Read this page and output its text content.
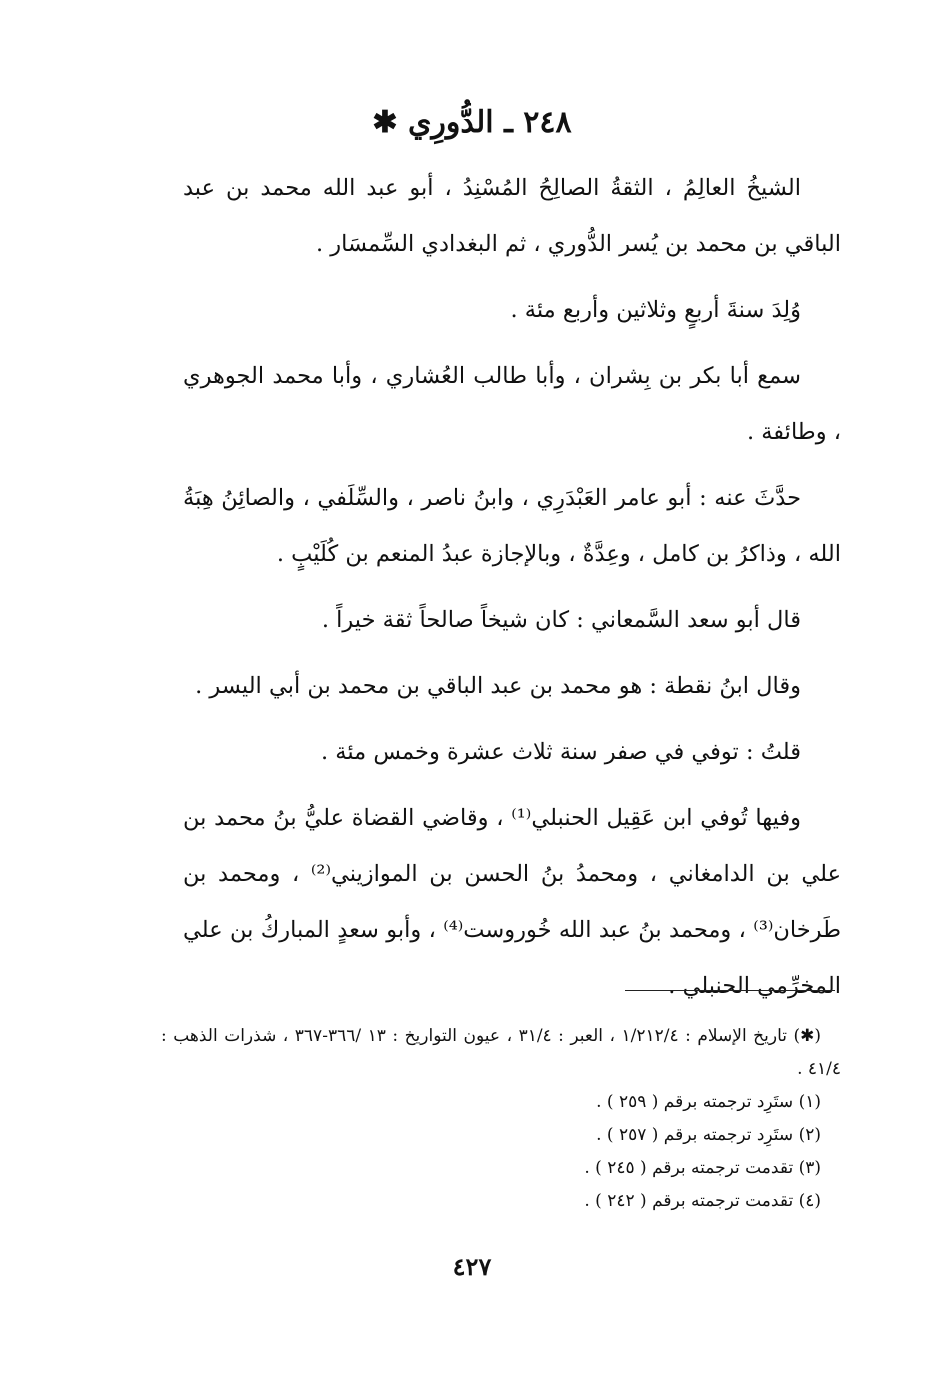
٢٤٨ ـ الدُّورِي ✱

الشيخُ العالِمُ ، الثقةُ الصالِحُ المُسْنِدُ ، أبو عبد الله محمد بن عبد الباقي بن محمد بن يُسر الدُّوري ، ثم البغدادي السِّمسَار .

وُلِدَ سنةَ أربعٍ وثلاثين وأربع مئة .

سمع أبا بكر بن بِشران ، وأبا طالب العُشاري ، وأبا محمد الجوهري ، وطائفة .

حدَّثَ عنه : أبو عامر العَبْدَرِي ، وابنُ ناصر ، والسِّلَفي ، والصائِنُ هِبَةُ الله ، وذاكرُ بن كامل ، وعِدَّةٌ ، وبالإجازة عبدُ المنعم بن كُلَيْبٍ .

قال أبو سعد السَّمعاني : كان شيخاً صالحاً ثقة خيراً .

وقال ابنُ نقطة : هو محمد بن عبد الباقي بن محمد بن أبي اليسر .

قلتُ : توفي في صفر سنة ثلاث عشرة وخمس مئة .

وفيها تُوفي ابن عَقِيل الحنبلي⁽¹⁾ ، وقاضي القضاة عليُّ بنُ محمد بن علي بن الدامغاني ، ومحمدُ بنُ الحسن بن الموازيني⁽²⁾ ، ومحمد بن طَرخان⁽³⁾ ، ومحمد بنُ عبد الله خُوروست⁽⁴⁾ ، وأبو سعدٍ المباركُ بن علي المخرِّمي الحنبلي .

(✱) تاريخ الإسلام : ١/٢١٢/٤ ، العبر : ٣١/٤ ، عيون التواريخ : ١٣ /٣٦٦-٣٦٧ ، شذرات الذهب : ٤١/٤ .

(١) ستَرِد ترجمته برقم ( ٢٥٩ ) .

(٢) ستَرِد ترجمته برقم ( ٢٥٧ ) .

(٣) تقدمت ترجمته برقم ( ٢٤٥ ) .

(٤) تقدمت ترجمته برقم ( ٢٤٢ ) .

٤٢٧
